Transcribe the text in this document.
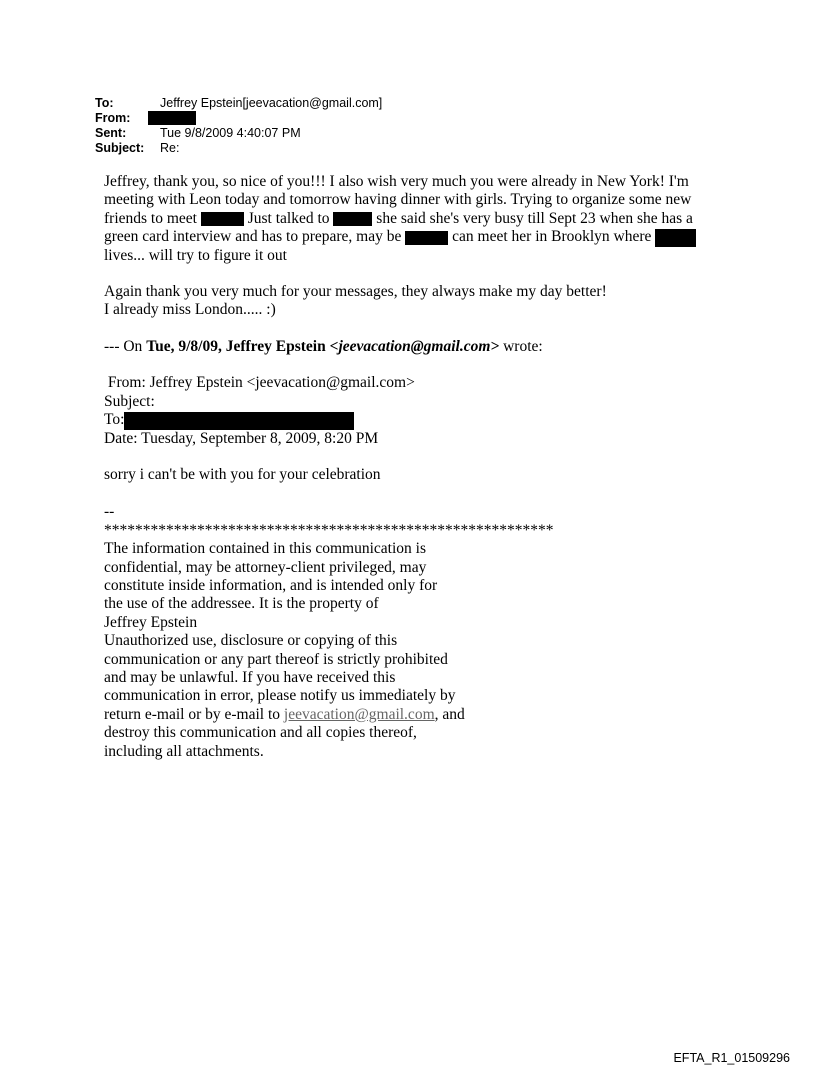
To:	Jeffrey Epstein[jeevacation@gmail.com]
From:
Sent:	Tue 9/8/2009 4:40:07 PM
Subject:	Re:

Jeffrey, thank you, so nice of you!!! I also wish very much you were already in New York! I'm

meeting with Leon today and tomorrow having dinner with girls. Trying to organize some new

friends to meet	Just talked to	she said she's very busy till Sept 23 when she has a

green card interview and has to prepare, may be	can meet her in Brooklyn where

lives... will try to figure it out

Again thank you very much for your messages, they always make my day better!

I already miss London..... :)

--- On Tue, 9/8/09, Jeffrey Epstein <jeevacation@gmail.com> wrote:

From: Jeffrey Epstein <jeevacation@gmail.com>

Subject:

To:

Date: Tuesday, September 8, 2009, 8:20 PM

sorry i can't be with you for your celebration

--

**********************************************************

The information contained in this communication is

confidential, may be attorney-client privileged, may

constitute inside information, and is intended only for

the use of the addressee. It is the property of

Jeffrey Epstein

Unauthorized use, disclosure or copying of this

communication or any part thereof is strictly prohibited

and may be unlawful. If you have received this

communication in error, please notify us immediately by

return e-mail or by e-mail to jeevacation@gmail.com, and

destroy this communication and all copies thereof,

including all attachments.

EFTA_R1_01509296
